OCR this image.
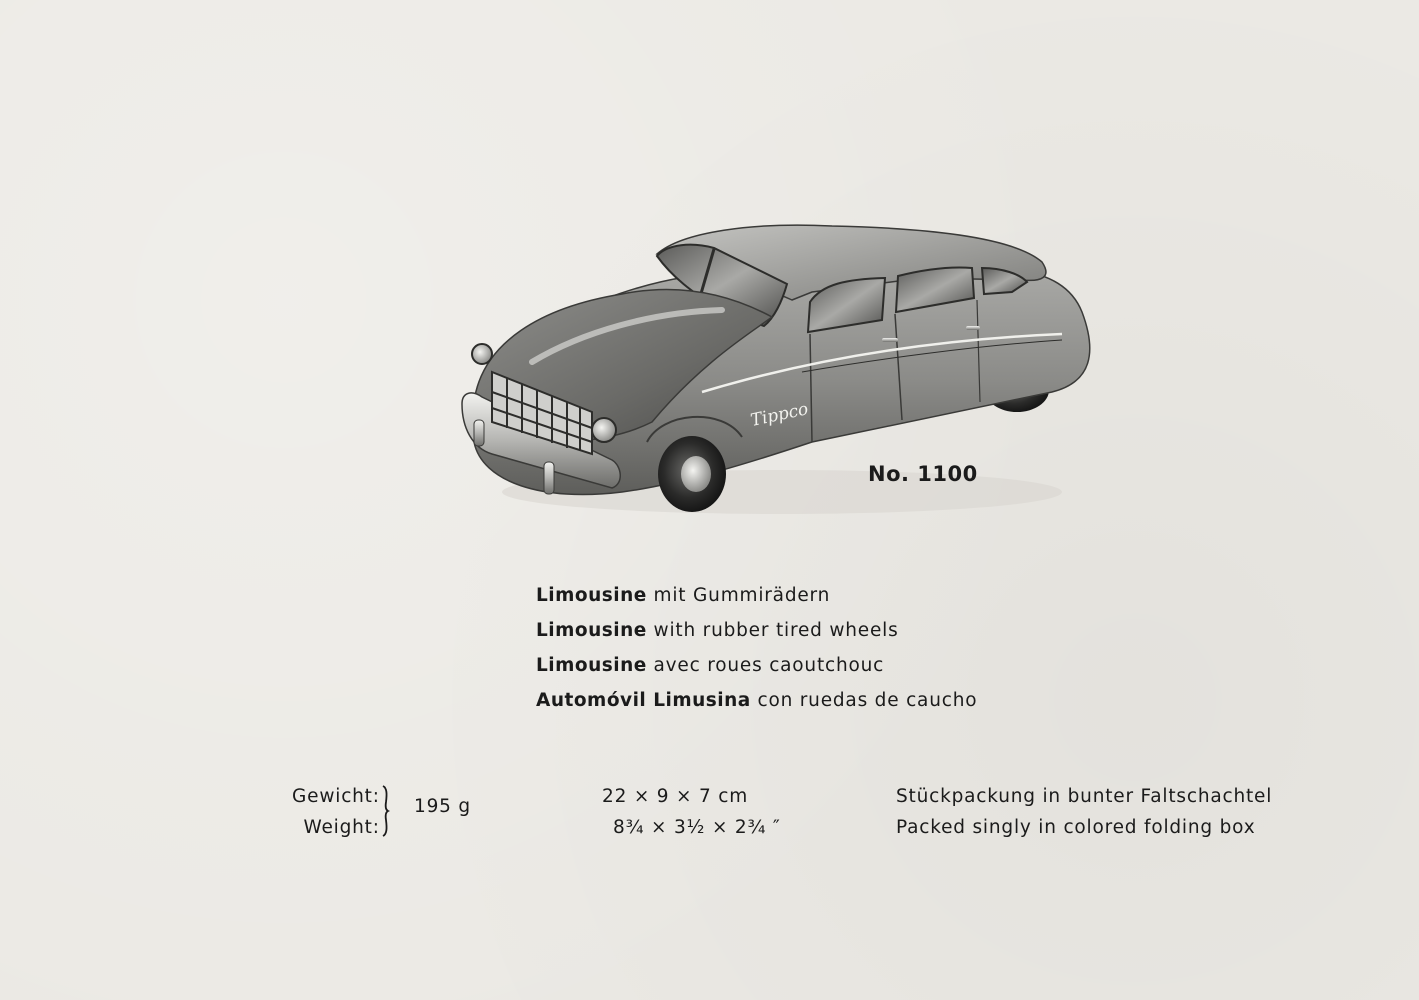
Tippco
No. 1100
Limousine mit Gummirädern
Limousine with rubber tired wheels
Limousine avec roues caoutchouc
Automóvil Limusina con ruedas de caucho
Gewicht:
Weight:
195 g	22 × 9 × 7 cm
8¾ × 3½ × 2¾ ″
Stückpackung in bunter Faltschachtel
Packed singly in colored folding box
